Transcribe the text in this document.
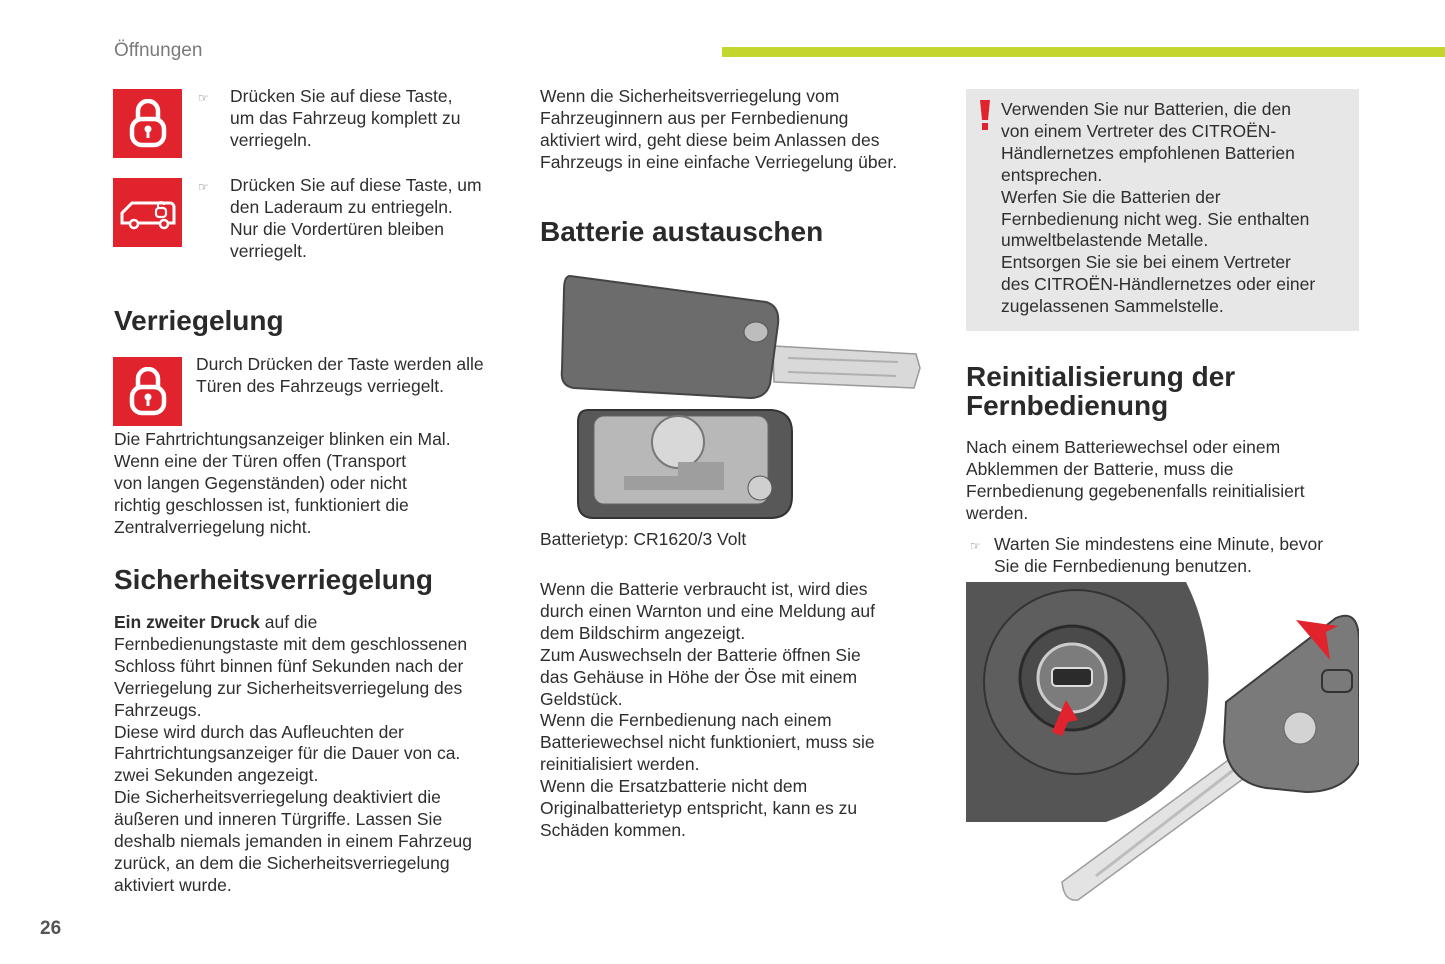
Öffnungen
☞ Drücken Sie auf diese Taste,
um das Fahrzeug komplett zu
verriegeln.
☞ Drücken Sie auf diese Taste, um
den Laderaum zu entriegeln.
Nur die Vordertüren bleiben
verriegelt.
Verriegelung
Durch Drücken der Taste werden alle
Türen des Fahrzeugs verriegelt.
Die Fahrtrichtungsanzeiger blinken ein Mal.
Wenn eine der Türen offen (Transport
von langen Gegenständen) oder nicht
richtig geschlossen ist, funktioniert die
Zentralverriegelung nicht.
Sicherheitsverriegelung
Ein zweiter Druck auf die
Fernbedienungstaste mit dem geschlossenen
Schloss führt binnen fünf Sekunden nach der
Verriegelung zur Sicherheitsverriegelung des
Fahrzeugs.
Diese wird durch das Aufleuchten der
Fahrtrichtungsanzeiger für die Dauer von ca.
zwei Sekunden angezeigt.
Die Sicherheitsverriegelung deaktiviert die
äußeren und inneren Türgriffe. Lassen Sie
deshalb niemals jemanden in einem Fahrzeug
zurück, an dem die Sicherheitsverriegelung
aktiviert wurde.
26
Wenn die Sicherheitsverriegelung vom
Fahrzeuginnern aus per Fernbedienung
aktiviert wird, geht diese beim Anlassen des
Fahrzeugs in eine einfache Verriegelung über.
Batterie austauschen
Batterietyp: CR1620/3 Volt
Wenn die Batterie verbraucht ist, wird dies
durch einen Warnton und eine Meldung auf
dem Bildschirm angezeigt.
Zum Auswechseln der Batterie öffnen Sie
das Gehäuse in Höhe der Öse mit einem
Geldstück.
Wenn die Fernbedienung nach einem
Batteriewechsel nicht funktioniert, muss sie
reinitialisiert werden.
Wenn die Ersatzbatterie nicht dem
Originalbatterietyp entspricht, kann es zu
Schäden kommen.
Verwenden Sie nur Batterien, die den
von einem Vertreter des CITROËN-
Händlernetzes empfohlenen Batterien
entsprechen.
Werfen Sie die Batterien der
Fernbedienung nicht weg. Sie enthalten
umweltbelastende Metalle.
Entsorgen Sie sie bei einem Vertreter
des CITROËN-Händlernetzes oder einer
zugelassenen Sammelstelle.
Reinitialisierung der
Fernbedienung
Nach einem Batteriewechsel oder einem
Abklemmen der Batterie, muss die
Fernbedienung gegebenenfalls reinitialisiert
werden.
☞ Warten Sie mindestens eine Minute, bevor
Sie die Fernbedienung benutzen.
